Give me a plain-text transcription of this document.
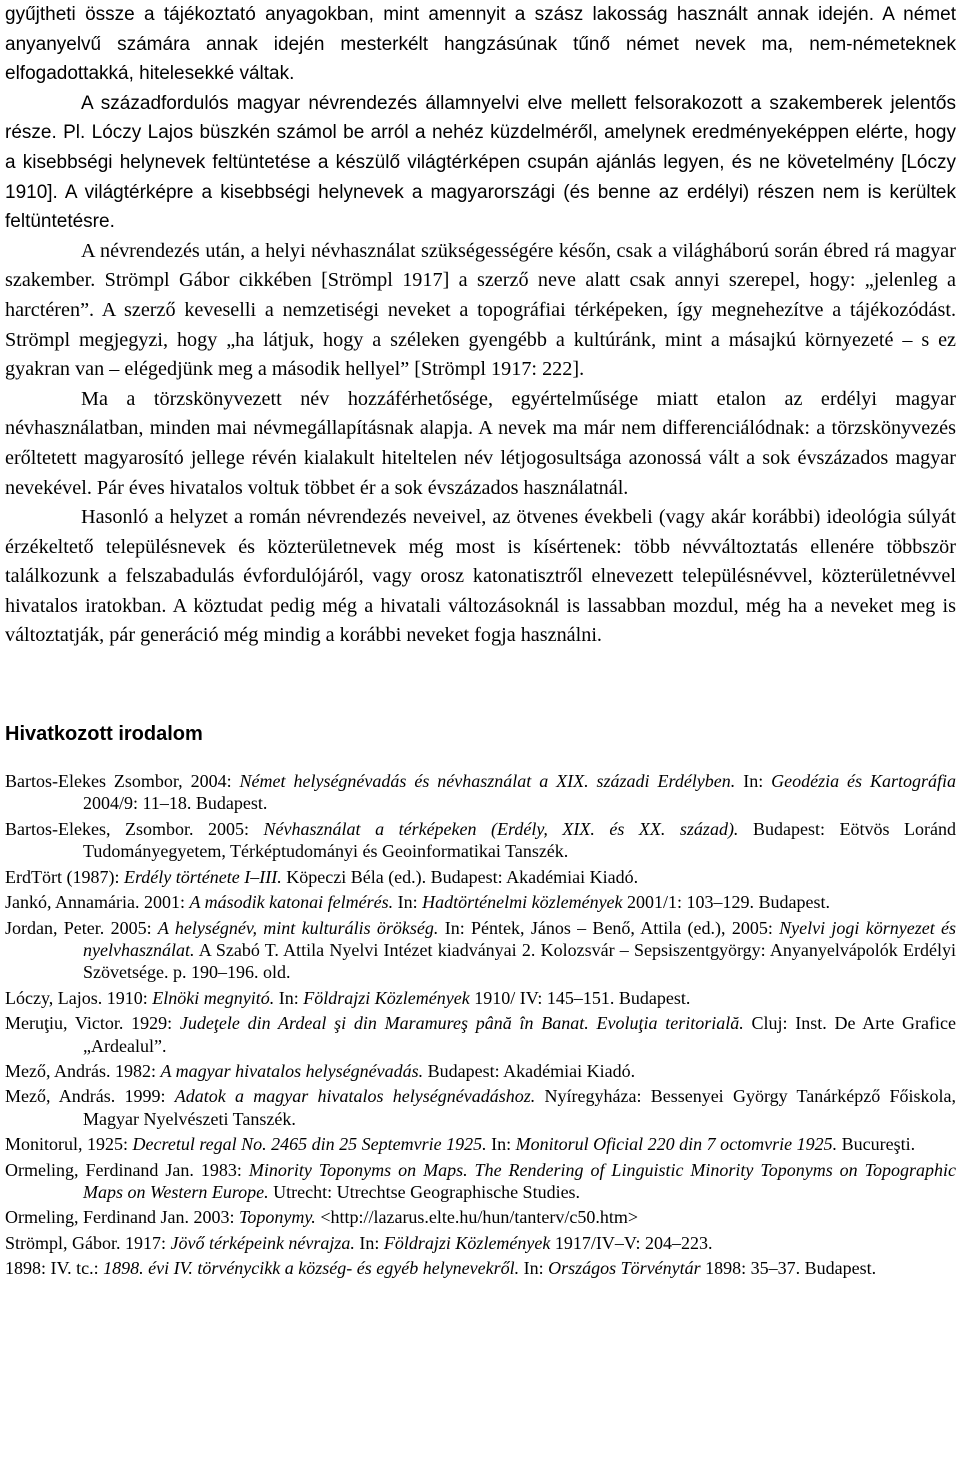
gyűjtheti össze a tájékoztató anyagokban, mint amennyit a szász lakosság használt annak idején. A német anyanyelvű számára annak idején mesterkélt hangzásúnak tűnő német nevek ma, nem-németeknek elfogadottakká, hitelesekké váltak.

A századfordulós magyar névrendezés államnyelvi elve mellett felsorakozott a szakemberek jelentős része. Pl. Lóczy Lajos büszkén számol be arról a nehéz küzdelméről, amelynek eredményeképpen elérte, hogy a kisebbségi helynevek feltüntetése a készülő világtérképen csupán ajánlás legyen, és ne követelmény [Lóczy 1910]. A világtérképre a kisebbségi helynevek a magyarországi (és benne az erdélyi) részen nem is kerültek feltüntetésre.

A névrendezés után, a helyi névhasználat szükségességére későn, csak a világháború során ébred rá magyar szakember. Strömpl Gábor cikkében [Strömpl 1917] a szerző neve alatt csak annyi szerepel, hogy: „jelenleg a harctéren”. A szerző keveselli a nemzetiségi neveket a topográfiai térképeken, így megnehezítve a tájékozódást. Strömpl megjegyzi, hogy „ha látjuk, hogy a széleken gyengébb a kultúránk, mint a másajkú környezeté – s ez gyakran van – elégedjünk meg a második hellyel” [Strömpl 1917: 222].

Ma a törzskönyvezett név hozzáférhetősége, egyértelműsége miatt etalon az erdélyi magyar névhasználatban, minden mai névmegállapításnak alapja. A nevek ma már nem differenciálódnak: a törzskönyvezés erőltetett magyarosító jellege révén kialakult hiteltelen név létjogosultsága azonossá vált a sok évszázados magyar nevekével. Pár éves hivatalos voltuk többet ér a sok évszázados használatnál.

Hasonló a helyzet a román névrendezés neveivel, az ötvenes évekbeli (vagy akár korábbi) ideológia súlyát érzékeltető településnevek és közterületnevek még most is kísértenek: több névváltoztatás ellenére többször találkozunk a felszabadulás évfordulójáról, vagy orosz katonatisztről elnevezett településnévvel, közterületnévvel hivatalos iratokban. A köztudat pedig még a hivatali változásoknál is lassabban mozdul, még ha a neveket meg is változtatják, pár generáció még mindig a korábbi neveket fogja használni.

Hivatkozott irodalom
Bartos-Elekes Zsombor, 2004: Német helységnévadás és névhasználat a XIX. századi Erdélyben. In: Geodézia és Kartográfia 2004/9: 11–18. Budapest.
Bartos-Elekes, Zsombor. 2005: Névhasználat a térképeken (Erdély, XIX. és XX. század). Budapest: Eötvös Loránd Tudományegyetem, Térképtudományi és Geoinformatikai Tanszék.
ErdTört (1987): Erdély története I–III. Köpeczi Béla (ed.). Budapest: Akadémiai Kiadó.
Jankó, Annamária. 2001: A második katonai felmérés. In: Hadtörténelmi közlemények 2001/1: 103–129. Budapest.
Jordan, Peter. 2005: A helységnév, mint kulturális örökség. In: Péntek, János – Benő, Attila (ed.), 2005: Nyelvi jogi környezet és nyelvhasználat. A Szabó T. Attila Nyelvi Intézet kiadványai 2. Kolozsvár – Sepsiszentgyörgy: Anyanyelvápolók Erdélyi Szövetsége. p. 190–196. old.
Lóczy, Lajos. 1910: Elnöki megnyitó. In: Földrajzi Közlemények 1910/ IV: 145–151. Budapest.
Meruţiu, Victor. 1929: Judeţele din Ardeal şi din Maramureş până în Banat. Evoluţia teritorială. Cluj: Inst. De Arte Grafice „Ardealul”.
Mező, András. 1982: A magyar hivatalos helységnévadás. Budapest: Akadémiai Kiadó.
Mező, András. 1999: Adatok a magyar hivatalos helységnévadáshoz. Nyíregyháza: Bessenyei György Tanárképző Főiskola, Magyar Nyelvészeti Tanszék.
Monitorul, 1925: Decretul regal No. 2465 din 25 Septemvrie 1925. In: Monitorul Oficial 220 din 7 octomvrie 1925. Bucureşti.
Ormeling, Ferdinand Jan. 1983: Minority Toponyms on Maps. The Rendering of Linguistic Minority Toponyms on Topographic Maps on Western Europe. Utrecht: Utrechtse Geographische Studies.
Ormeling, Ferdinand Jan. 2003: Toponymy. <http://lazarus.elte.hu/hun/tanterv/c50.htm>
Strömpl, Gábor. 1917: Jövő térképeink névrajza. In: Földrajzi Közlemények 1917/IV–V: 204–223.
1898: IV. tc.: 1898. évi IV. törvénycikk a község- és egyéb helynevekről. In: Országos Törvénytár 1898: 35–37. Budapest.
